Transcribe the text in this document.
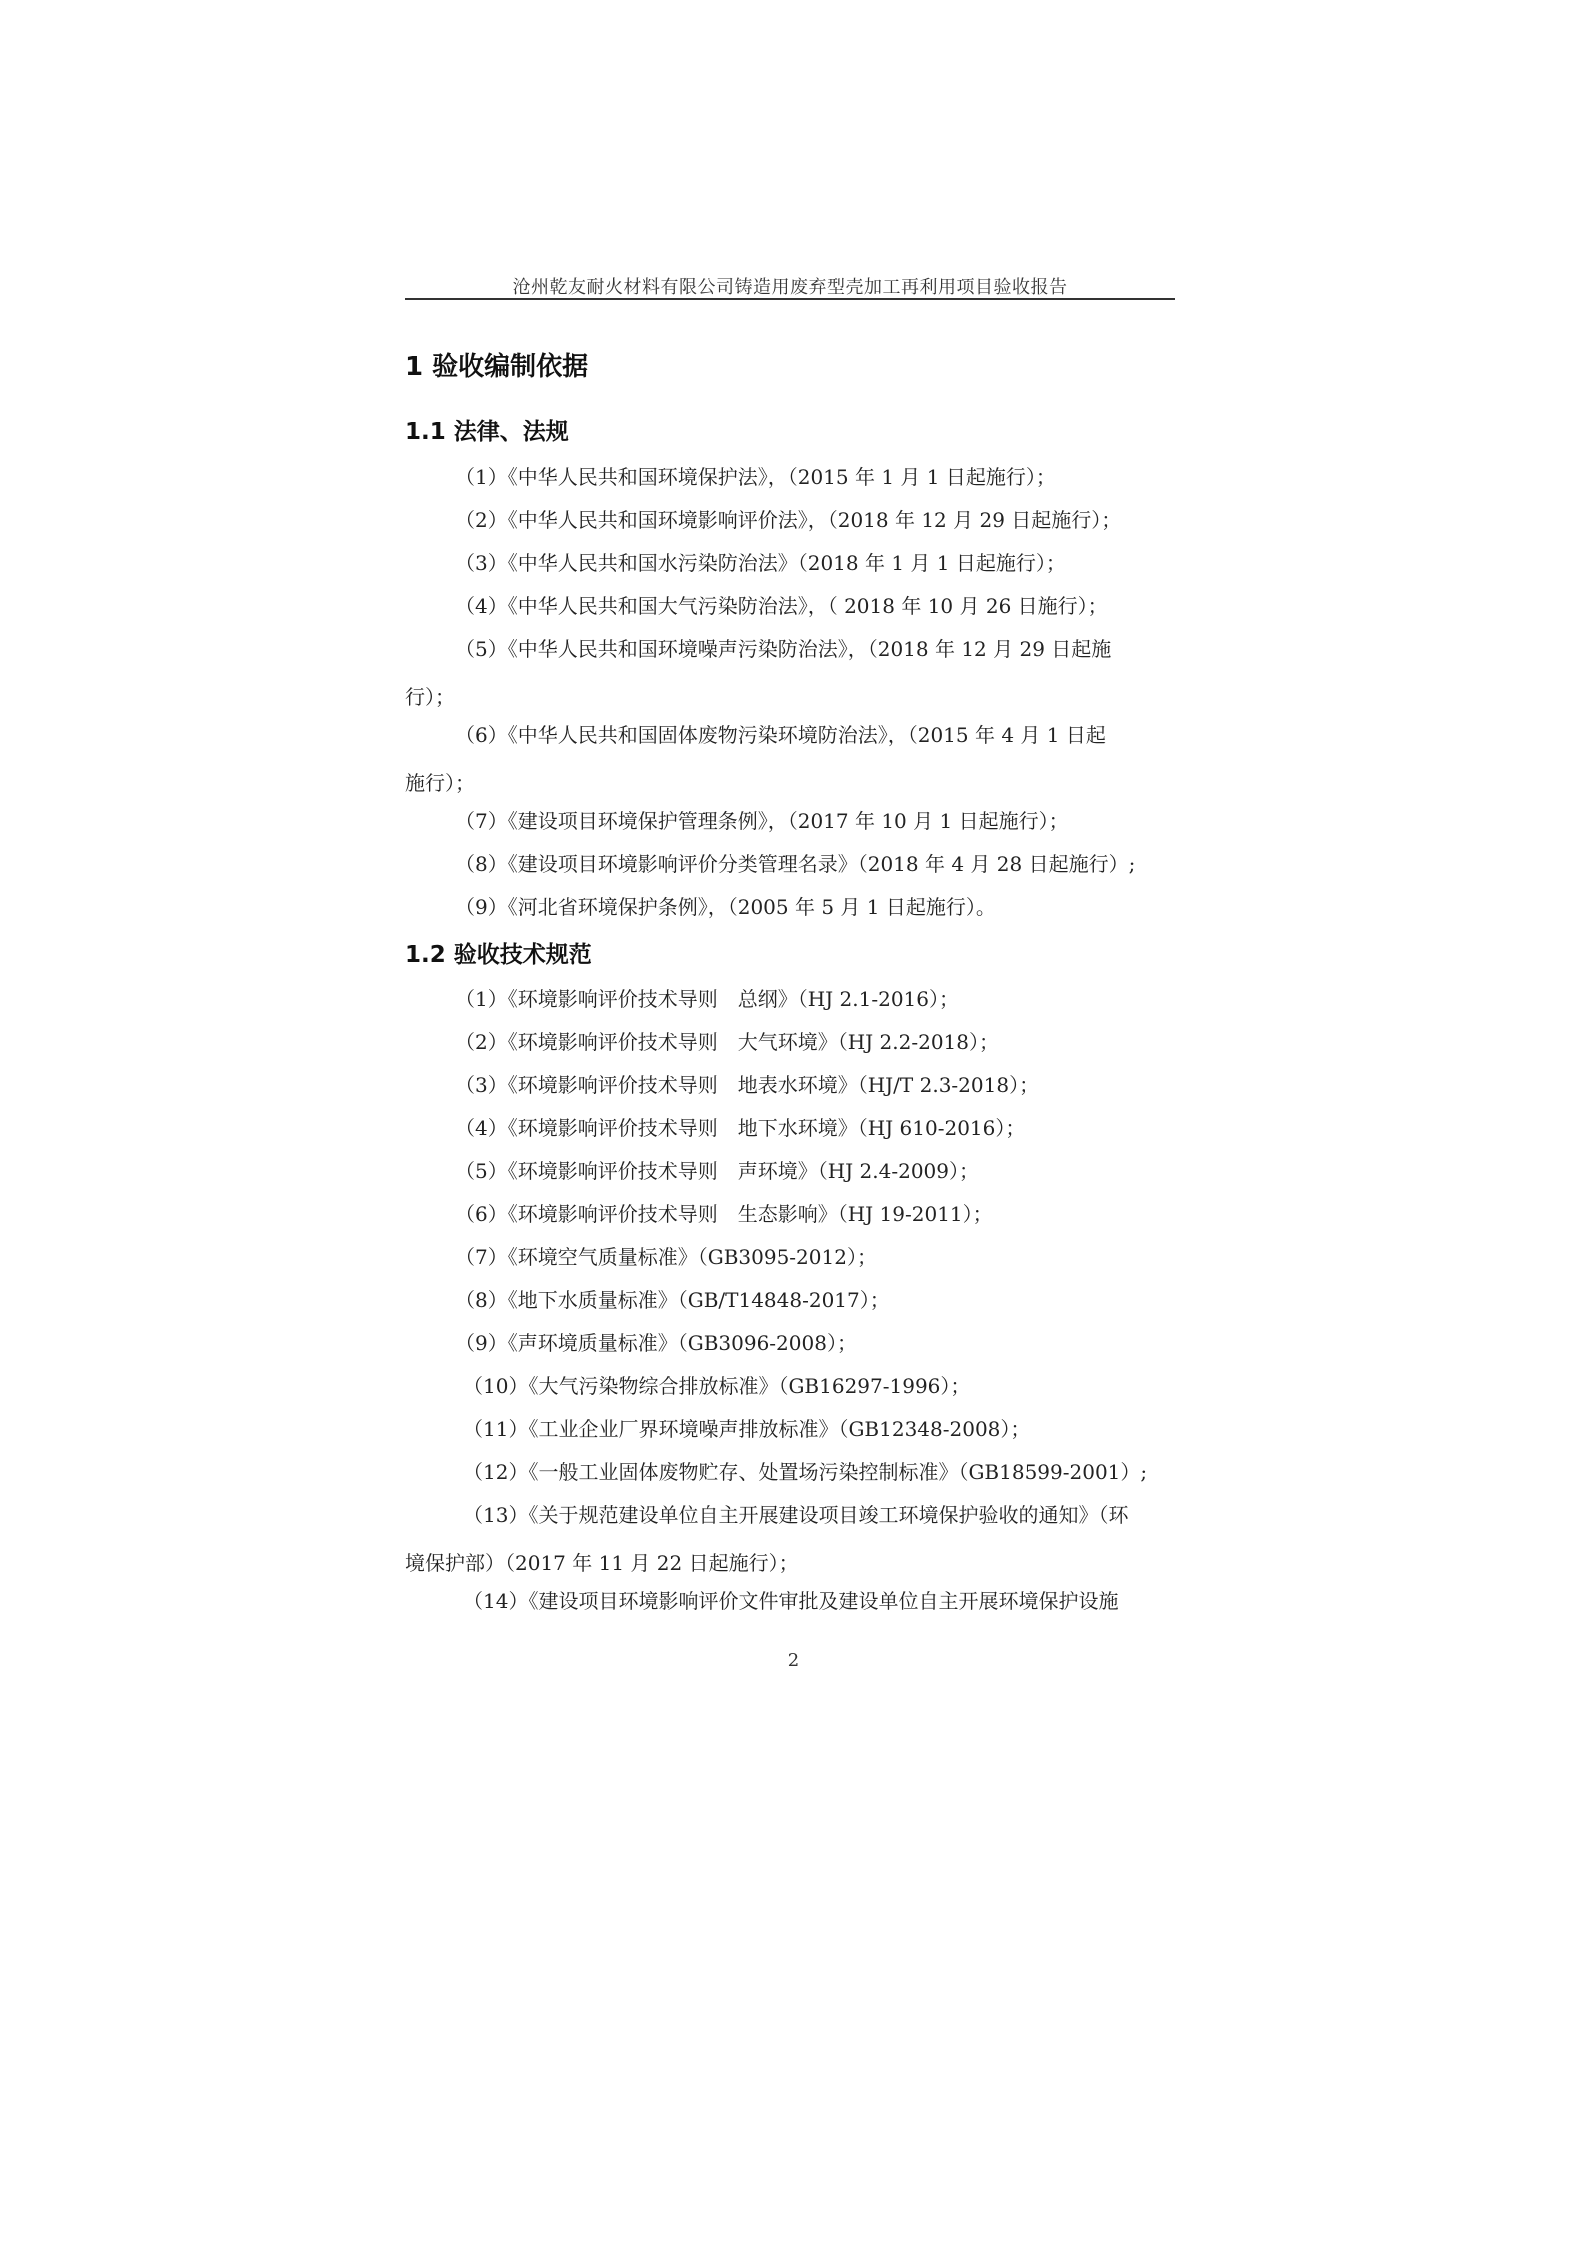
沧州乾友耐火材料有限公司铸造用废弃型壳加工再利用项目验收报告
1 验收编制依据
1.1 法律、法规
（1）《中华人民共和国环境保护法》，（2015 年 1 月 1 日起施行）；
（2）《中华人民共和国环境影响评价法》，（2018 年 12 月 29 日起施行）；
（3）《中华人民共和国水污染防治法》（2018 年 1 月 1 日起施行）；
（4）《中华人民共和国大气污染防治法》，（ 2018 年 10 月 26 日施行）；
（5）《中华人民共和国环境噪声污染防治法》，（2018 年 12 月 29 日起施
行）；
（6）《中华人民共和国固体废物污染环境防治法》，（2015 年 4 月 1 日起
施行）；
（7）《建设项目环境保护管理条例》，（2017 年 10 月 1 日起施行）；
（8）《建设项目环境影响评价分类管理名录》（2018 年 4 月 28 日起施行）;
（9）《河北省环境保护条例》，（2005 年 5 月 1 日起施行）。
1.2 验收技术规范
（1）《环境影响评价技术导则　总纲》（HJ 2.1-2016）；
（2）《环境影响评价技术导则　大气环境》（HJ 2.2-2018）；
（3）《环境影响评价技术导则　地表水环境》（HJ/T 2.3-2018）；
（4）《环境影响评价技术导则　地下水环境》（HJ 610-2016）；
（5）《环境影响评价技术导则　声环境》（HJ 2.4-2009）；
（6）《环境影响评价技术导则　生态影响》（HJ 19-2011）；
（7）《环境空气质量标准》（GB3095-2012）；
（8）《地下水质量标准》（GB/T14848-2017）；
（9）《声环境质量标准》（GB3096-2008）；
（10）《大气污染物综合排放标准》（GB16297-1996）；
（11）《工业企业厂界环境噪声排放标准》（GB12348-2008）；
（12）《一般工业固体废物贮存、处置场污染控制标准》（GB18599-2001）;
（13）《关于规范建设单位自主开展建设项目竣工环境保护验收的通知》（环
境保护部）（2017 年 11 月 22 日起施行）；
（14）《建设项目环境影响评价文件审批及建设单位自主开展环境保护设施
2
